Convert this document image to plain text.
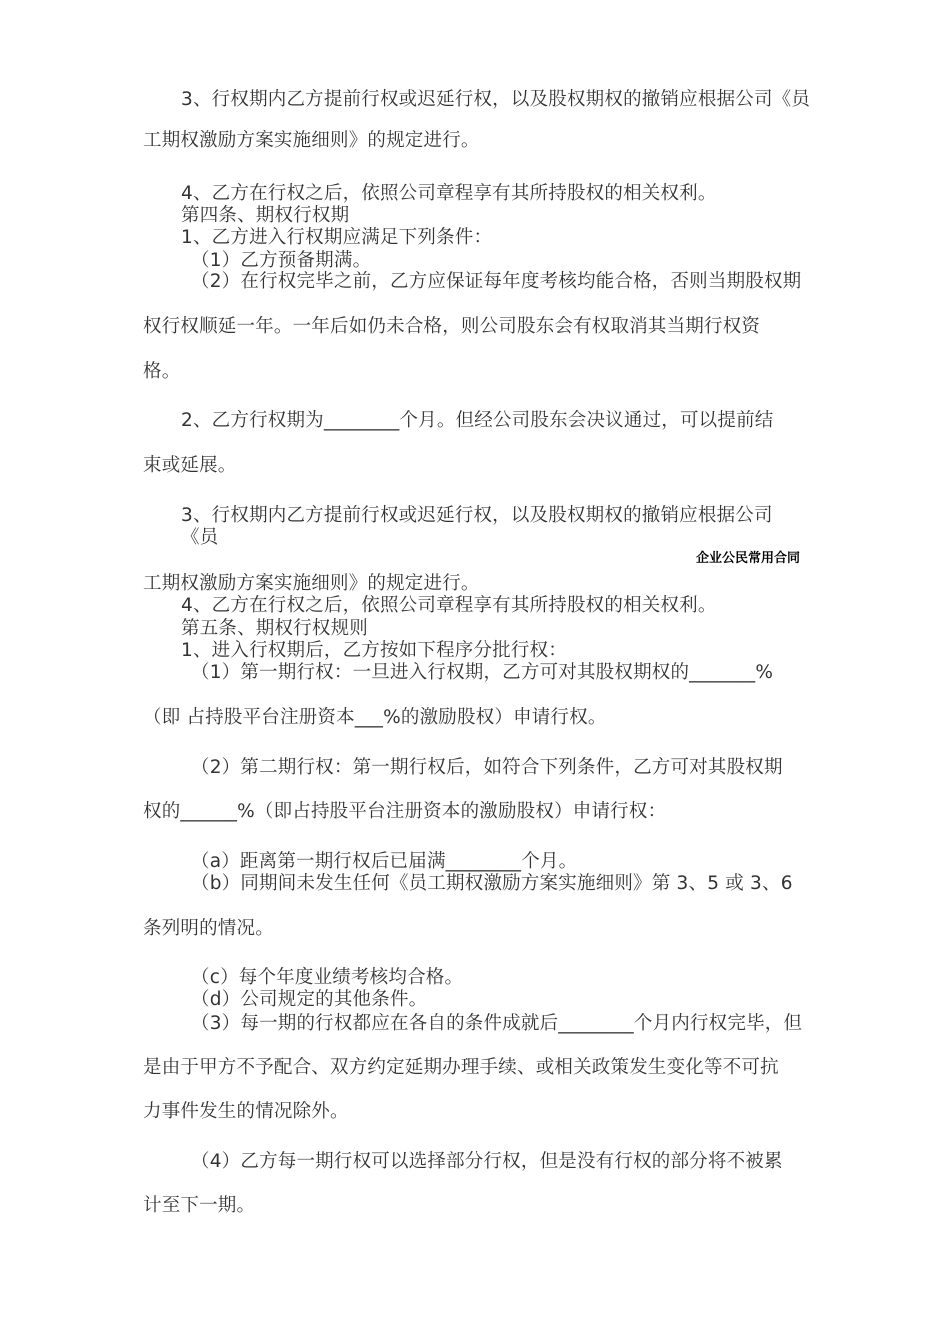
3、行权期内乙方提前行权或迟延行权，以及股权期权的撤销应根据公司《员
工期权激励方案实施细则》的规定进行。
4、乙方在行权之后，依照公司章程享有其所持股权的相关权利。
第四条、期权行权期
1、乙方进入行权期应满足下列条件：
（1）乙方预备期满。
（2）在行权完毕之前，乙方应保证每年度考核均能合格，否则当期股权期
权行权顺延一年。一年后如仍未合格，则公司股东会有权取消其当期行权资
格。
2、乙方行权期为________个月。但经公司股东会决议通过，可以提前结
束或延展。
3、行权期内乙方提前行权或迟延行权，以及股权期权的撤销应根据公司
《员
企业公民常用合同
工期权激励方案实施细则》的规定进行。
4、乙方在行权之后，依照公司章程享有其所持股权的相关权利。
第五条、期权行权规则
1、进入行权期后，乙方按如下程序分批行权：
（1）第一期行权：一旦进入行权期，乙方可对其股权期权的_______%
（即 占持股平台注册资本___%的激励股权）申请行权。
（2）第二期行权：第一期行权后，如符合下列条件，乙方可对其股权期
权的______%（即占持股平台注册资本的激励股权）申请行权：
（a）距离第一期行权后已届满________个月。
（b）同期间未发生任何《员工期权激励方案实施细则》第 3、5 或 3、6
条列明的情况。
（c）每个年度业绩考核均合格。
（d）公司规定的其他条件。
（3）每一期的行权都应在各自的条件成就后________个月内行权完毕，但
是由于甲方不予配合、双方约定延期办理手续、或相关政策发生变化等不可抗
力事件发生的情况除外。
（4）乙方每一期行权可以选择部分行权，但是没有行权的部分将不被累
计至下一期。
